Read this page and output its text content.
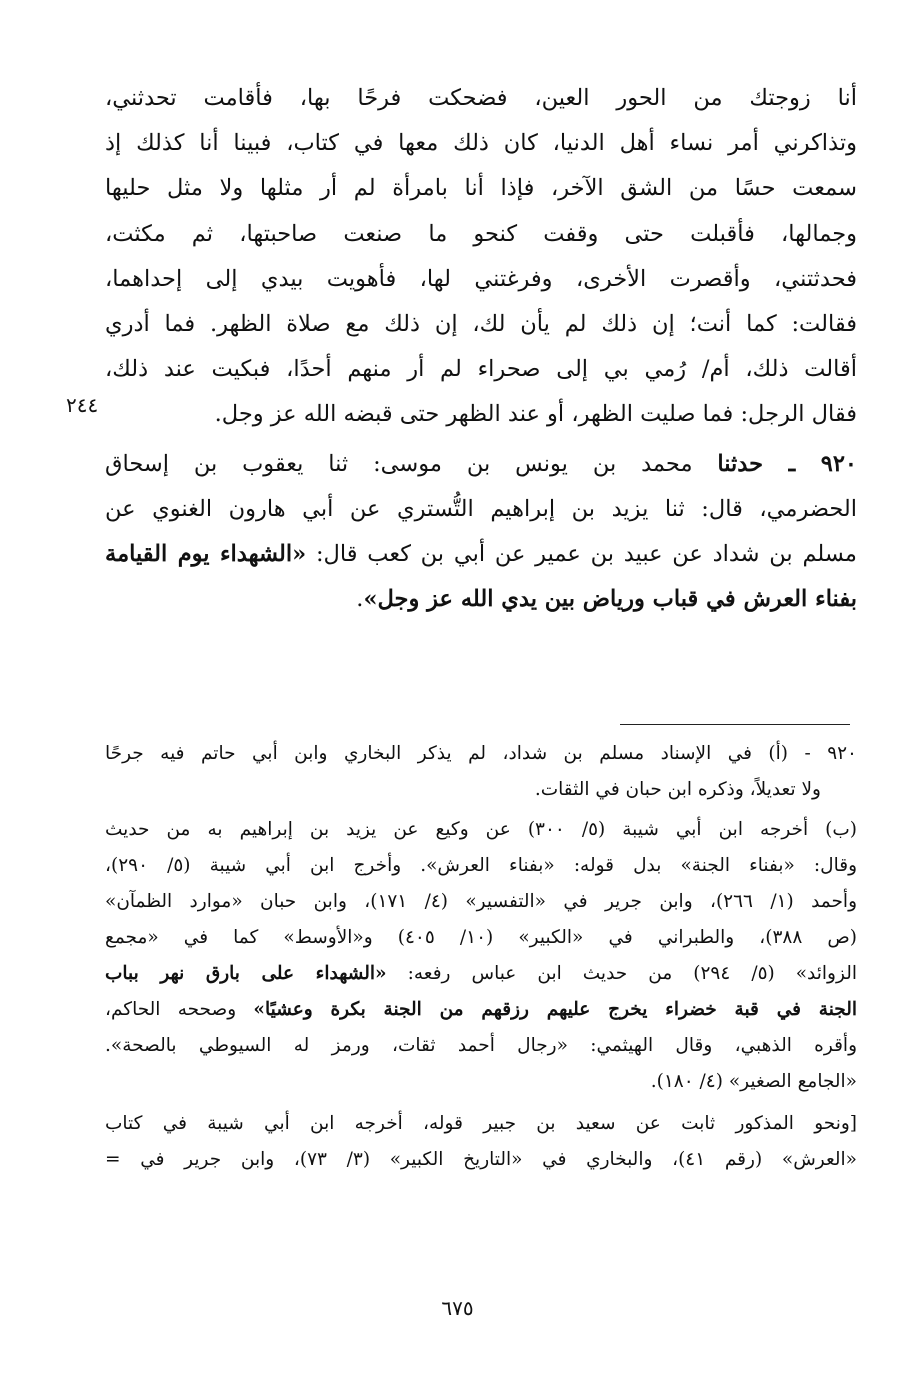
أنا زوجتك من الحور العين، فضحكت فرحًا بها، فأقامت تحدثني،
وتذاكرني أمر نساء أهل الدنيا، كان ذلك معها في كتاب، فبينا أنا كذلك إذ
سمعت حسًا من الشق الآخر، فإذا أنا بامرأة لم أر مثلها ولا مثل حليها
وجمالها، فأقبلت حتى وقفت كنحو ما صنعت صاحبتها، ثم مكثت،
فحدثتني، وأقصرت الأخرى، وفرغتني لها، فأهويت بيدي إلى إحداهما،
فقالت: كما أنت؛ إن ذلك لم يأن لك، إن ذلك مع صلاة الظهر. فما أدري
أقالت ذلك، أم/ رُمي بي إلى صحراء لم أر منهم أحدًا، فبكيت عند ذلك،
فقال الرجل: فما صليت الظهر، أو عند الظهر حتى قبضه الله عز وجل.
٩٢٠ ـ حدثنا محمد بن يونس بن موسى: ثنا يعقوب بن إسحاق
الحضرمي، قال: ثنا يزيد بن إبراهيم التُّستري عن أبي هارون الغنوي عن
مسلم بن شداد عن عبيد بن عمير عن أبي بن كعب قال: «الشهداء يوم القيامة
بفناء العرش في قباب ورياض بين يدي الله عز وجل».
٢٤٤
٩٢٠ - (أ) في الإسناد مسلم بن شداد، لم يذكر البخاري وابن أبي حاتم فيه جرحًا
ولا تعديلاً، وذكره ابن حبان في الثقات.
(ب) أخرجه ابن أبي شيبة (٥/ ٣٠٠) عن وكيع عن يزيد بن إبراهيم به من حديث
وقال: «بفناء الجنة» بدل قوله: «بفناء العرش». وأخرج ابن أبي شيبة (٥/ ٢٩٠)،
وأحمد (١/ ٢٦٦)، وابن جرير في «التفسير» (٤/ ١٧١)، وابن حبان «موارد الظمآن»
(ص ٣٨٨)، والطبراني في «الكبير» (١٠/ ٤٠٥) و«الأوسط» كما في «مجمع
الزوائد» (٥/ ٢٩٤) من حديث ابن عباس رفعه: «الشهداء على بارق نهر بباب
الجنة في قبة خضراء يخرج عليهم رزقهم من الجنة بكرة وعشيًا» وصححه الحاكم،
وأقره الذهبي، وقال الهيثمي: «رجال أحمد ثقات، ورمز له السيوطي بالصحة».
«الجامع الصغير» (٤/ ١٨٠).
[ونحو المذكور ثابت عن سعيد بن جبير قوله، أخرجه ابن أبي شيبة في كتاب
«العرش» (رقم ٤١)، والبخاري في «التاريخ الكبير» (٣/ ٧٣)، وابن جرير في =
٦٧٥
